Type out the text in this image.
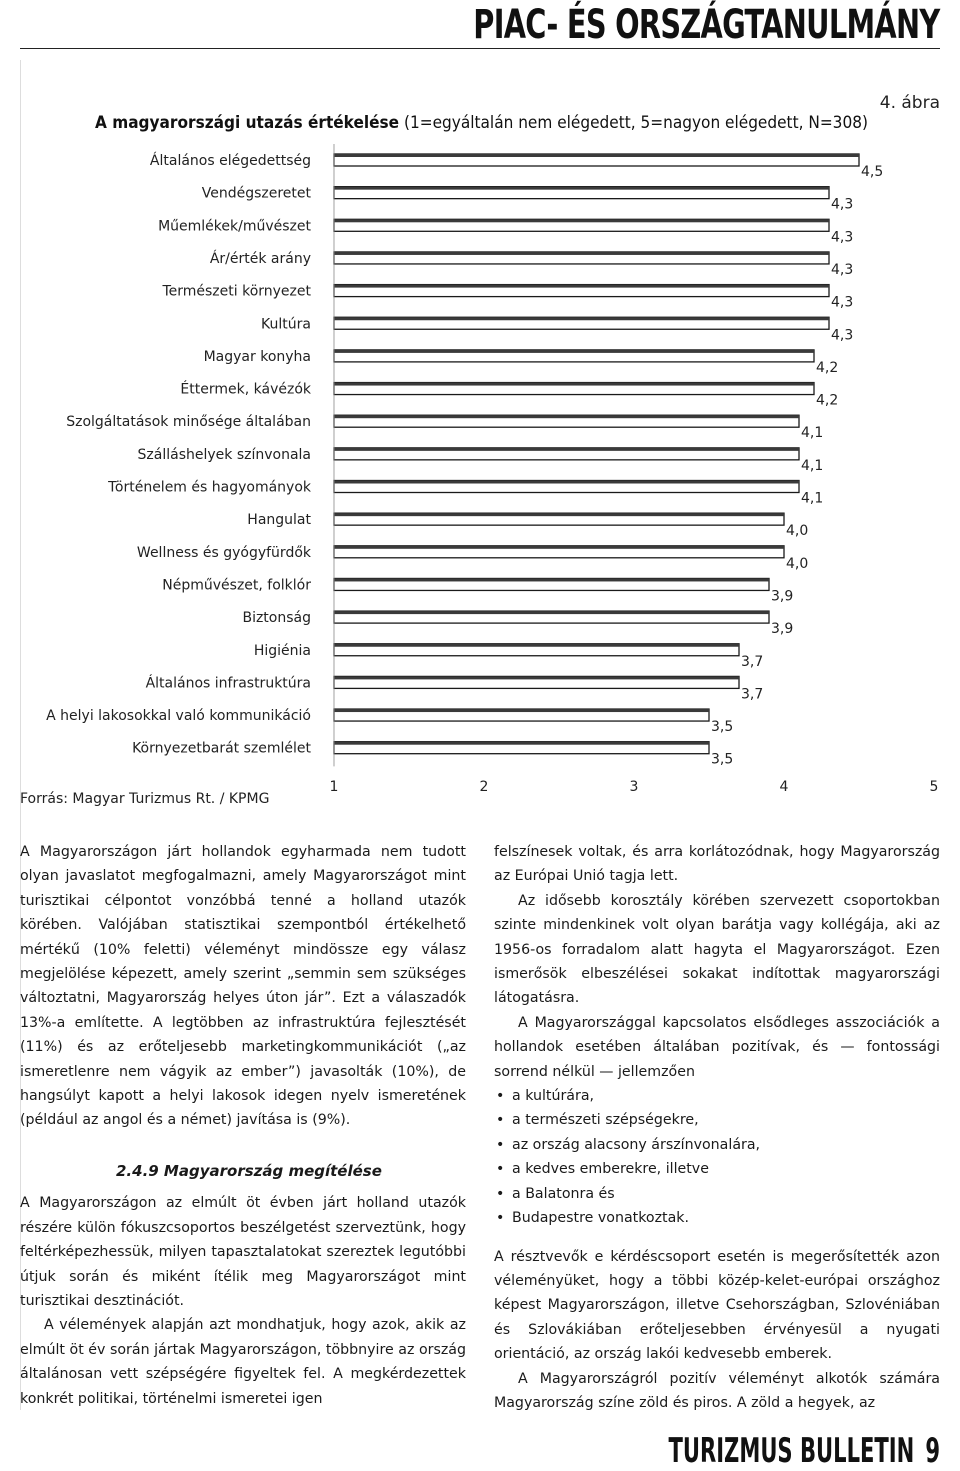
PIAC- ÉS ORSZÁGTANULMÁNY
4. ábra
A magyarországi utazás értékelése (1=egyáltalán nem elégedett, 5=nagyon elégedett, N=308)
Általános elégedettség
4,5
Vendégszeretet
4,3
Műemlékek/művészet
4,3
Ár/érték arány
4,3
Természeti környezet
4,3
Kultúra
4,3
Magyar konyha
4,2
Éttermek, kávézók
4,2
Szolgáltatások minősége általában
4,1
Szálláshelyek színvonala
4,1
Történelem és hagyományok
4,1
Hangulat
4,0
Wellness és gyógyfürdők
4,0
Népművészet, folklór
3,9
Biztonság
3,9
Higiénia
3,7
Általános infrastruktúra
3,7
A helyi lakosokkal való kommunikáció
3,5
Környezetbarát szemlélet
3,5
1	2	3	4	5
Forrás: Magyar Turizmus Rt. / KPMG

A Magyarországon járt hollandok egyharmada nem tudott olyan javaslatot megfogalmazni, amely Magyarországot mint turisztikai célpontot vonzóbbá tenné a holland utazók körében. Valójában statisztikai szempontból értékelhető mértékű (10% feletti) véleményt mindössze egy válasz megjelölése képezett, amely szerint „semmin sem szükséges változtatni, Magyarország helyes úton jár”. Ezt a válaszadók 13%-a említette. A legtöbben az infrastruktúra fejlesztését (11%) és az erőteljesebb marketingkommunikációt („az ismeretlenre nem vágyik az ember”) javasolták (10%), de hangsúlyt kapott a helyi lakosok idegen nyelv ismeretének (például az angol és a német) javítása is (9%).

2.4.9 Magyarország megítélése

A Magyarországon az elmúlt öt évben járt holland utazók részére külön fókuszcsoportos beszélgetést szerveztünk, hogy feltérképezhessük, milyen tapasztalatokat szereztek legutóbbi útjuk során és miként ítélik meg Magyarországot mint turisztikai desztinációt.

A vélemények alapján azt mondhatjuk, hogy azok, akik az elmúlt öt év során jártak Magyarországon, többnyire az ország általánosan vett szépségére figyeltek fel. A megkérdezettek konkrét politikai, történelmi ismeretei igen

felszínesek voltak, és arra korlátozódnak, hogy Magyarország az Európai Unió tagja lett.

Az idősebb korosztály körében szervezett csoportokban szinte mindenkinek volt olyan barátja vagy kollégája, aki az 1956-os forradalom alatt hagyta el Magyarországot. Ezen ismerősök elbeszélései sokakat indítottak magyarországi látogatásra.

A Magyarországgal kapcsolatos elsődleges asszociációk a hollandok esetében általában pozitívak, és — fontossági sorrend nélkül — jellemzően

• a kultúrára,
• a természeti szépségekre,
• az ország alacsony árszínvonalára,
• a kedves emberekre, illetve
• a Balatonra és
• Budapestre vonatkoztak.

A résztvevők e kérdéscsoport esetén is megerősítették azon véleményüket, hogy a többi közép-kelet-európai országhoz képest Magyarországon, illetve Csehországban, Szlovéniában és Szlovákiában erőteljesebben érvényesül a nyugati orientáció, az ország lakói kedvesebb emberek.

A Magyarországról pozitív véleményt alkotók számára Magyarország színe zöld és piros. A zöld a hegyek, az

TURIZMUS BULLETIN 9
